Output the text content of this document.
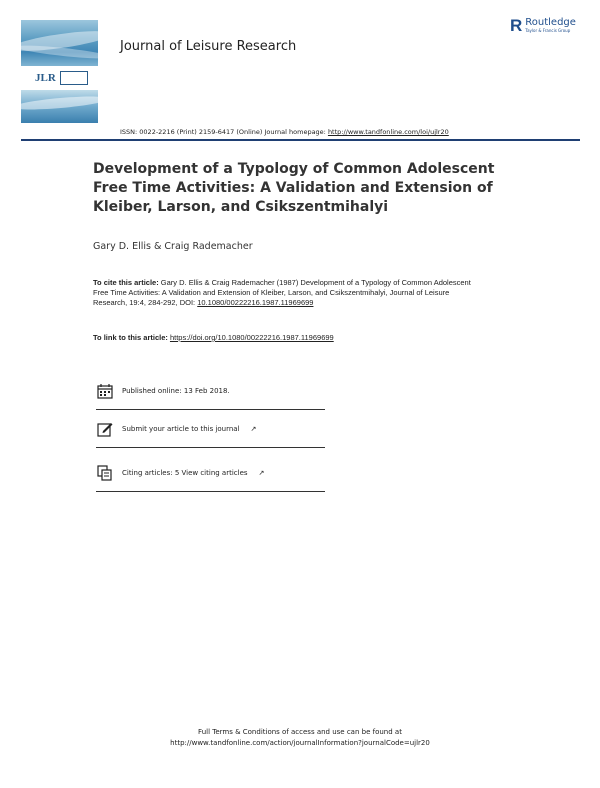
JLR
Journal of Leisure Research
R Routledge
Taylor & Francis Group
ISSN: 0022-2216 (Print) 2159-6417 (Online) Journal homepage: http://www.tandfonline.com/loi/ujlr20
Development of a Typology of Common Adolescent Free Time Activities: A Validation and Extension of Kleiber, Larson, and Csikszentmihalyi
Gary D. Ellis & Craig Rademacher
To cite this article: Gary D. Ellis & Craig Rademacher (1987) Development of a Typology of Common Adolescent Free Time Activities: A Validation and Extension of Kleiber, Larson, and Csikszentmihalyi, Journal of Leisure Research, 19:4, 284-292, DOI: 10.1080/00222216.1987.11969699
To link to this article: https://doi.org/10.1080/00222216.1987.11969699
Published online: 13 Feb 2018.
Submit your article to this journal ↗
Citing articles: 5 View citing articles ↗
Full Terms & Conditions of access and use can be found at
http://www.tandfonline.com/action/journalInformation?journalCode=ujlr20
